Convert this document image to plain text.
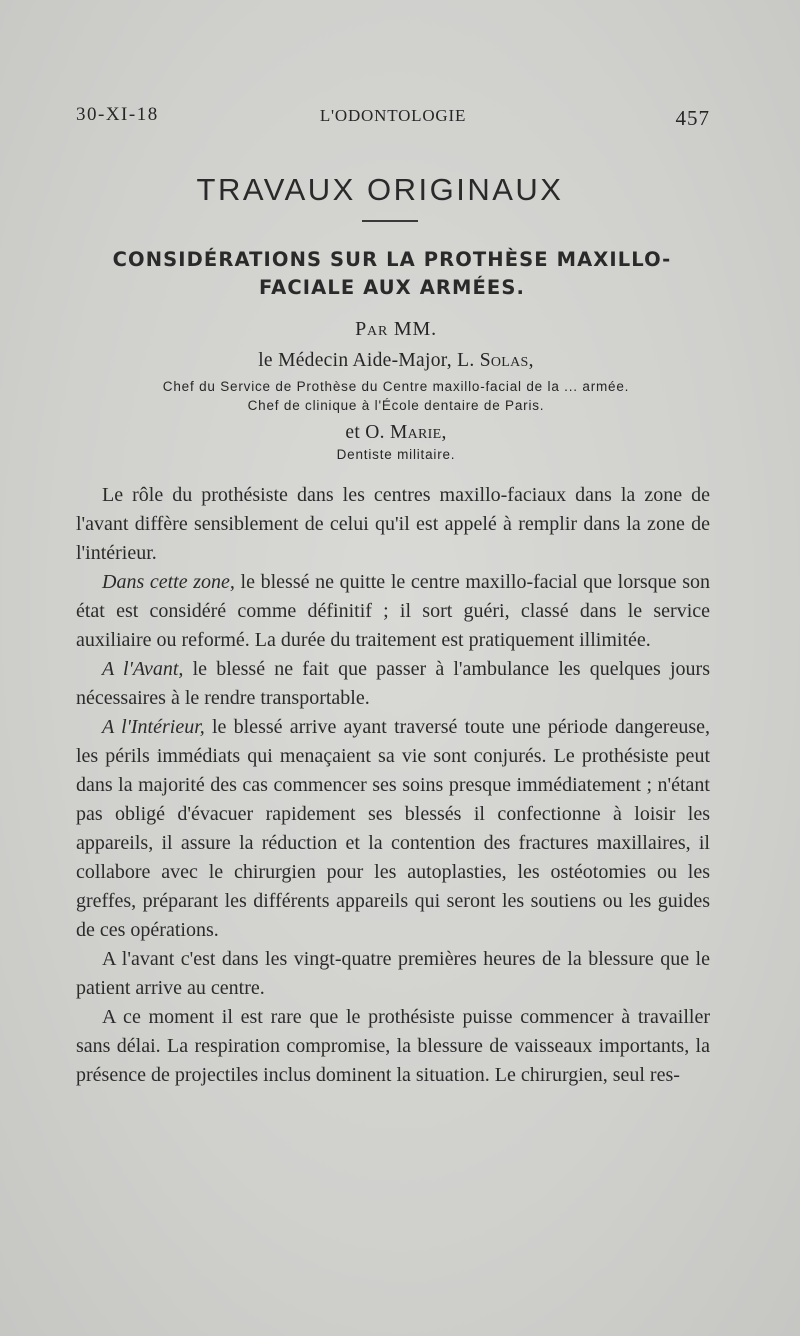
30-XI-18	L'ODONTOLOGIE	457
TRAVAUX ORIGINAUX
CONSIDÉRATIONS SUR LA PROTHÈSE MAXILLO-
FACIALE AUX ARMÉES.
Par MM.
le Médecin Aide-Major, L. Solas,
Chef du Service de Prothèse du Centre maxillo-facial de la ... armée.
Chef de clinique à l'École dentaire de Paris.
et O. Marie,
Dentiste militaire.

Le rôle du prothésiste dans les centres maxillo-faciaux dans la zone de l'avant diffère sensiblement de celui qu'il est appelé à remplir dans la zone de l'intérieur.

Dans cette zone, le blessé ne quitte le centre maxillo-facial que lorsque son état est considéré comme définitif ; il sort guéri, classé dans le service auxiliaire ou reformé. La durée du traitement est pratiquement illimitée.

A l'Avant, le blessé ne fait que passer à l'ambulance les quelques jours nécessaires à le rendre transportable.

A l'Intérieur, le blessé arrive ayant traversé toute une période dangereuse, les périls immédiats qui menaçaient sa vie sont conjurés. Le prothésiste peut dans la majorité des cas commencer ses soins presque immédiatement ; n'étant pas obligé d'évacuer rapidement ses blessés il confectionne à loisir les appareils, il assure la réduction et la contention des fractures maxillaires, il collabore avec le chirurgien pour les autoplasties, les ostéotomies ou les greffes, préparant les différents appareils qui seront les soutiens ou les guides de ces opérations.

A l'avant c'est dans les vingt-quatre premières heures de la blessure que le patient arrive au centre.

A ce moment il est rare que le prothésiste puisse commencer à travailler sans délai. La respiration compromise, la blessure de vaisseaux importants, la présence de projectiles inclus dominent la situation. Le chirurgien, seul res-
